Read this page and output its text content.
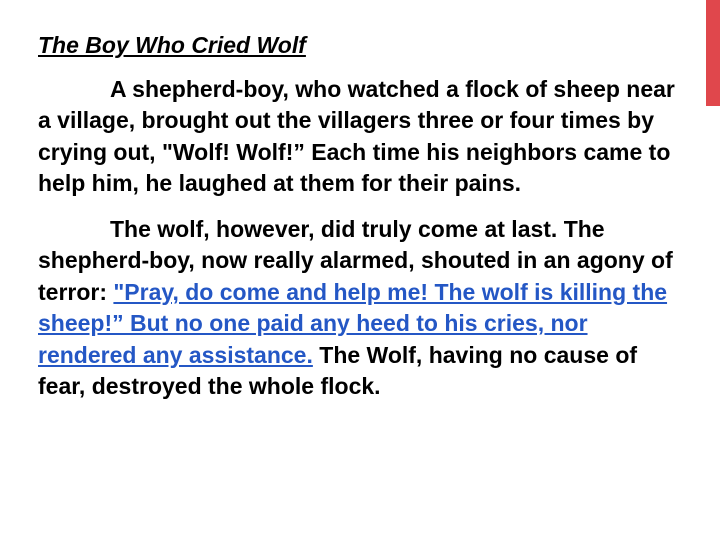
The Boy Who Cried Wolf

A shepherd-boy, who watched a flock of sheep near a village, brought out the villagers three or four times by crying out, "Wolf! Wolf!” Each time his neighbors came to help him, he laughed at them for their pains.

The wolf, however, did truly come at last. The shepherd-boy, now really alarmed, shouted in an agony of terror: "Pray, do come and help me! The wolf is killing the sheep!” But no one paid any heed to his cries, nor rendered any assistance. The Wolf, having no cause of fear, destroyed the whole flock.
